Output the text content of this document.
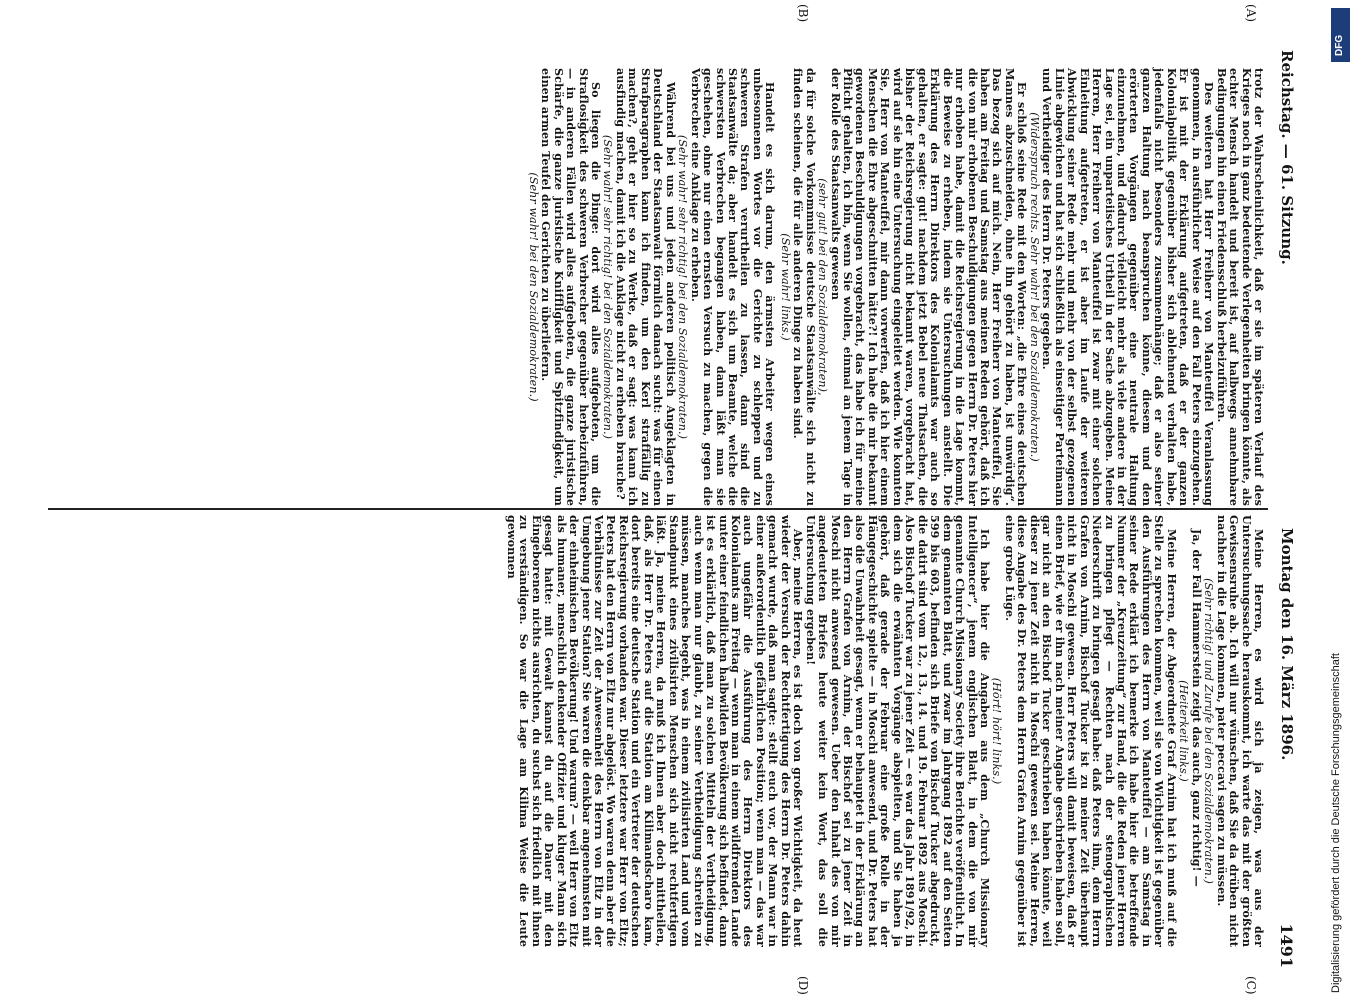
Reichstag. — 61. Sitzung.
Montag den 16. März 1896.
1491
(A)
(B)
(C)
(D)

trotz der Wahrscheinlichkeit, daß er sie im späteren Verlauf des Krieges noch in ganz bedeutende Verlegenheiten bringen könnte, als echter Mensch handelt und bereit ist, auf halbwegs annehmbare Bedingungen hin einen Friedensschluß herbeizuführen.

Des weiteren hat Herr Freiherr von Manteuffel Veranlassung genommen, in ausführlicher Weise auf den Fall Peters einzugehen. Er ist mit der Erklärung aufgetreten, daß er der ganzen Kolonialpolitik gegenüber bisher sich ablehnend verhalten habe, jedenfalls nicht besonders zusammenhänge; daß er also seiner ganzen Haltung nach beanspruchen könne, diesem und den erörterten Vorgängen gegenüber eine neutrale Haltung einzunehmen, und dadurch vielleicht mehr als viele andere in der Lage sei, ein unparteiisches Urtheil in der Sache abzugeben. Meine Herren, Herr Freiherr von Manteuffel ist zwar mit einer solchen Einleitung aufgetreten, er ist aber im Laufe der weiteren Abwicklung seiner Rede mehr und mehr von der selbst gezogenen Linie abgewichen und hat sich schließlich als einseitiger Parteimann und Vertheidiger des Herrn Dr. Peters gegeben.

(Widerspruch rechts. Sehr wahr! bei den Sozialdemokraten.)

Er schloß seine Rede mit den Worten: „die Ehre eines deutschen Mannes abzuschneiden, ohne ihn gehört zu haben, ist unwürdig“. Das bezog sich auf mich. Nein, Herr Freiherr von Manteuffel, Sie haben am Freitag und Samstag aus meinen Reden gehört, daß ich die von mir erhobenen Beschuldigungen gegen Herrn Dr. Peters hier nur erhoben habe, damit die Reichsregierung in die Lage kommt, die Beweise zu erheben, indem sie Untersuchungen anstellt. Die Erklärung des Herrn Direktors des Kolonialamts war auch so gehalten, er sagte: gut! nachdem jetzt Bebel neue Thatsachen, die bisher der Reichsregierung nicht bekannt waren, vorgebracht hat, wird auf sie hin eine Untersuchung eingeleitet werden. Wie konnten Sie, Herr von Manteuffel, mir dann vorwerfen, daß ich hier einem Menschen die Ehre abgeschnitten hätte?! Ich habe die mir bekannt gewordenen Beschuldigungen vorgebracht, das habe ich für meine Pflicht gehalten, ich bin, wenn Sie wollen, einmal an jenem Tage in der Rolle des Staatsanwalts gewesen

(sehr gut! bei den Sozialdemokraten),

da für solche Vorkommnisse deutsche Staatsanwälte sich nicht zu finden scheinen, die für alle anderen Dinge zu haben sind.

(Sehr wahr! links.)

Handelt es sich darum, den ärmsten Arbeiter wegen eines unbesonnenen Wortes vor die Gerichte zu schleppen und zu schweren Strafen verurtheilen zu lassen, dann sind die Staatsanwälte da; aber handelt es sich um Beamte, welche die schwersten Verbrechen begangen haben, dann läßt man sie geschehen, ohne nur einen ernsten Versuch zu machen, gegen die Verbrecher eine Anklage zu erheben.

(Sehr wahr! sehr richtig! bei den Sozialdemokraten.)

Während bei uns und jeden anderen politisch Angeklagten in Deutschland der Staatsanwalt förmlich danach sucht: was für einen Strafparagraphen kann ich finden, um den Kerl straffällig zu machen?, geht er hier so zu Werke, daß er sagt: was kann ich ausfindig machen, damit ich die Anklage nicht zu erheben brauche?

(Sehr wahr! sehr richtig! bei den Sozialdemokraten.)

So liegen die Dinge: dort wird alles aufgeboten, um die Straflosigkeit des schweren Verbrecher gegenüber herbeizuführen, — in anderen Fällen wird alles aufgeboten, die ganze juristische Schärfe, die ganze juristische Kniffligkeit und Spitzfindigkeit, um einen armen Teufel den Gerichten zu überliefern.

(Sehr wahr! bei den Sozialdemokraten.)

Meine Herren, es wird sich ja zeigen, was aus der Untersuchungssache herauskommt, ich warte das mit der größten Gewissensruhe ab. Ich will nur wünschen, daß Sie da drüben nicht nachher in die Lage kommen, pater peccavi sagen zu müssen.

(Sehr richtig! und Zurufe bei den Sozialdemokraten.)

Ja, der Fall Hammerstein zeigt das auch, ganz richtig! —

(Heiterkeit links.)

Meine Herren, der Abgeordnete Graf Arnim hat ich muß auf die Stelle zu sprechen kommen, weil sie von Wichtigkeit ist gegenüber den Ausführungen des Herrn von Manteuffel — am Samstag in seiner Rede erklärt ich bemerke ich habe hier die betreffende Nummer der „Kreuzzeitung“ zur Hand, die die Reden jener Herren zu bringen pflegt — Rechten nach der stenographischen Niederschrift zu bringen gesagt habe: daß Peters ihm, dem Herrn Grafen von Arnim, Bischof Tucker ist zu meiner Zeit überhaupt nicht in Moschi gewesen. Herr Peters will damit beweisen, daß er einen Brief, wie er ihn nach meiner Angabe geschrieben haben soll, gar nicht an den Bischof Tucker geschrieben haben könnte, weil dieser zu jener Zeit nicht in Moschi gewesen sei. Meine Herren, diese Angabe des Dr. Peters dem Herrn Grafen Arnim gegenüber ist eine grobe Lüge.

(Hört! hört! links.)

Ich habe hier die Angaben aus dem „Church Missionary Intelligencer“, jenem englischen Blatt, in dem die von mir genannte Church Missionary Society ihre Berichte veröffentlicht. In dem genannten Blatt, und zwar im Jahrgang 1892 auf den Seiten 599 bis 603, befinden sich Briefe von Bischof Tucker abgedruckt, die datirt sind vom 12., 13., 14. und 19. Februar 1892 aus Moschi. Also Bischof Tucker war zu jener Zeit — es war das Jahr 1891/92, in dem sich die erwähnten Vorgänge abspielten, und Sie haben ja gehört, daß gerade der Februar eine große Rolle in der Hängegeschichte spielte — in Moschi anwesend, und Dr. Peters hat also die Unwahrheit gesagt, wenn er behauptet in der Erklärung an den Herrn Grafen von Arnim, der Bischof sei zu jener Zeit in Moschi nicht anwesend gewesen. Ueber den Inhalt des von mir angedeuteten Briefes heute weiter kein Wort, das soll die Untersuchung ergeben!

Aber, meine Herren, es ist doch von großer Wichtigkeit, da heut wieder der Versuch der Rechtfertigung des Herrn Dr. Peters dahin gemacht wurde, daß man sagte: stellt euch vor, der Mann war in einer außerordentlich gefährlichen Position; wenn man — das war auch ungefähr die Ausführung des Herrn Direktors des Kolonialamts am Freitag — wenn man in einem wildfremden Lande unter einer feindlichen halbwilden Bevölkerung sich befindet, dann ist es erklärlich, daß man zu solchen Mitteln der Vertheidigung, auch wenn man nur glaubt, zu seiner Vertheidigung schreiten zu müssen, manches begeht, was in einem zivilisirten Land und vom Standpunkt eines zivilisirten Menschen sich nicht rechtfertigen läßt. Ja, meine Herren, da muß ich Ihnen aber doch mittheilen, daß, als Herr Dr. Peters auf die Station am Kilimandscharo kam, dort bereits eine deutsche Station und ein Vertreter der deutschen Reichsregierung vorhanden war. Dieser letztere war Herr von Eltz; Peters hat den Herrn von Eltz nur abgelöst. Wo waren denn aber die Verhältnisse zur Zeit der Anwesenheit des Herrn von Eltz in der Umgebung jener Station? Sie waren die denkbar angenehmsten mit der einheimischen Bevölkerung! Und warum? — weil Herr von Eltz als humaner, menschlich denkender Offizier und kluger Mann sich gesagt hatte: mit Gewalt kannst du auf die Dauer mit den Eingeborenen nichts ausrichten, du suchst sich friedlich mit ihnen zu verständigen. So war die Lage am Kilima Weise die Leute gewonnen

DFG
Digitalisierung gefördert durch die Deutsche Forschungsgemeinschaft
